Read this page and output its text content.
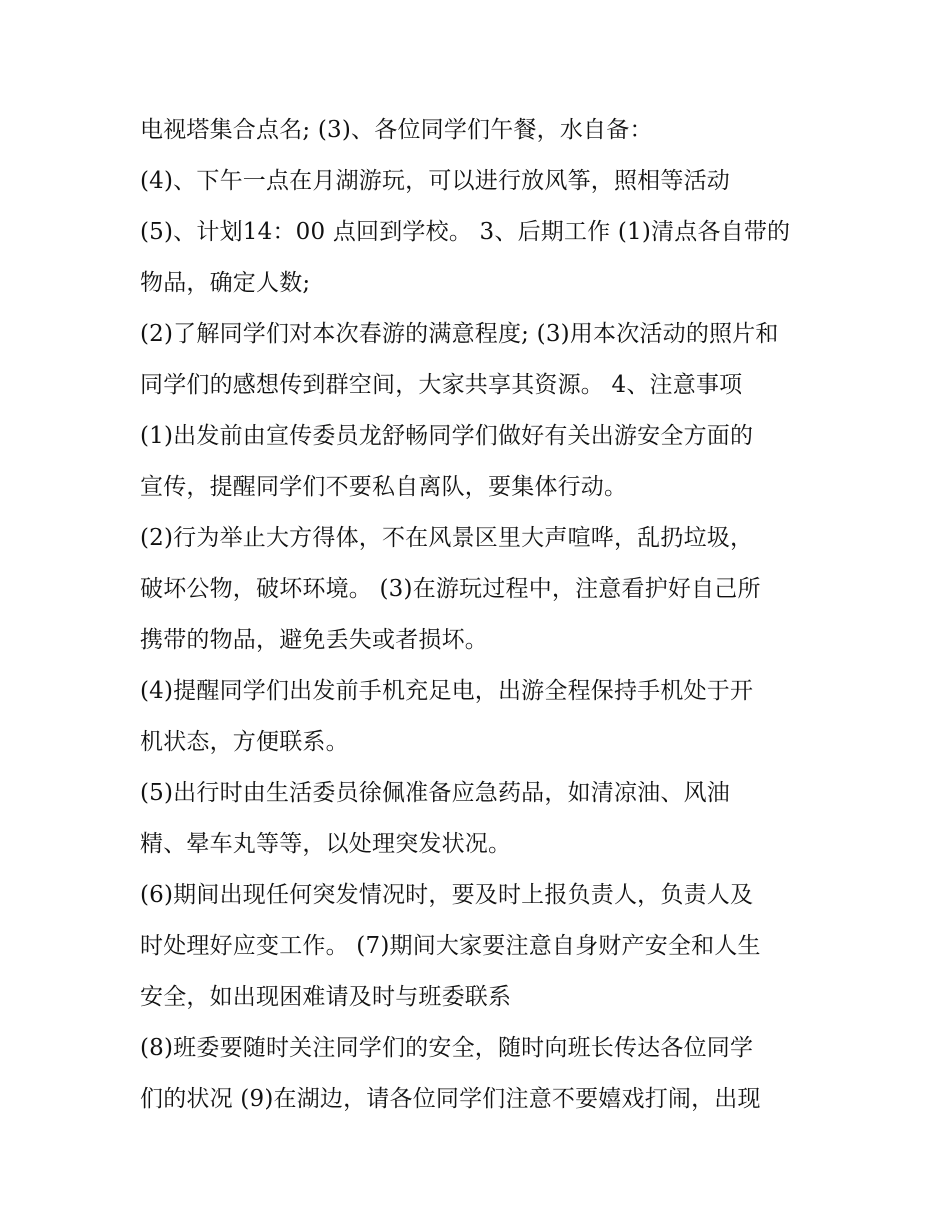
电视塔集合点名; (3)、各位同学们午餐，水自备：
(4)、下午一点在月湖游玩，可以进行放风筝，照相等活动
(5)、计划14：00 点回到学校。 3、后期工作 (1)清点各自带的
物品，确定人数;
(2)了解同学们对本次春游的满意程度; (3)用本次活动的照片和
同学们的感想传到群空间，大家共享其资源。 4、注意事项
(1)出发前由宣传委员龙舒畅同学们做好有关出游安全方面的
宣传，提醒同学们不要私自离队，要集体行动。
(2)行为举止大方得体，不在风景区里大声喧哗，乱扔垃圾，
破坏公物，破坏环境。 (3)在游玩过程中，注意看护好自己所
携带的物品，避免丢失或者损坏。
(4)提醒同学们出发前手机充足电，出游全程保持手机处于开
机状态，方便联系。
(5)出行时由生活委员徐佩准备应急药品，如清凉油、风油
精、晕车丸等等，以处理突发状况。
(6)期间出现任何突发情况时，要及时上报负责人，负责人及
时处理好应变工作。 (7)期间大家要注意自身财产安全和人生
安全，如出现困难请及时与班委联系
(8)班委要随时关注同学们的安全，随时向班长传达各位同学
们的状况 (9)在湖边，请各位同学们注意不要嬉戏打闹，出现
